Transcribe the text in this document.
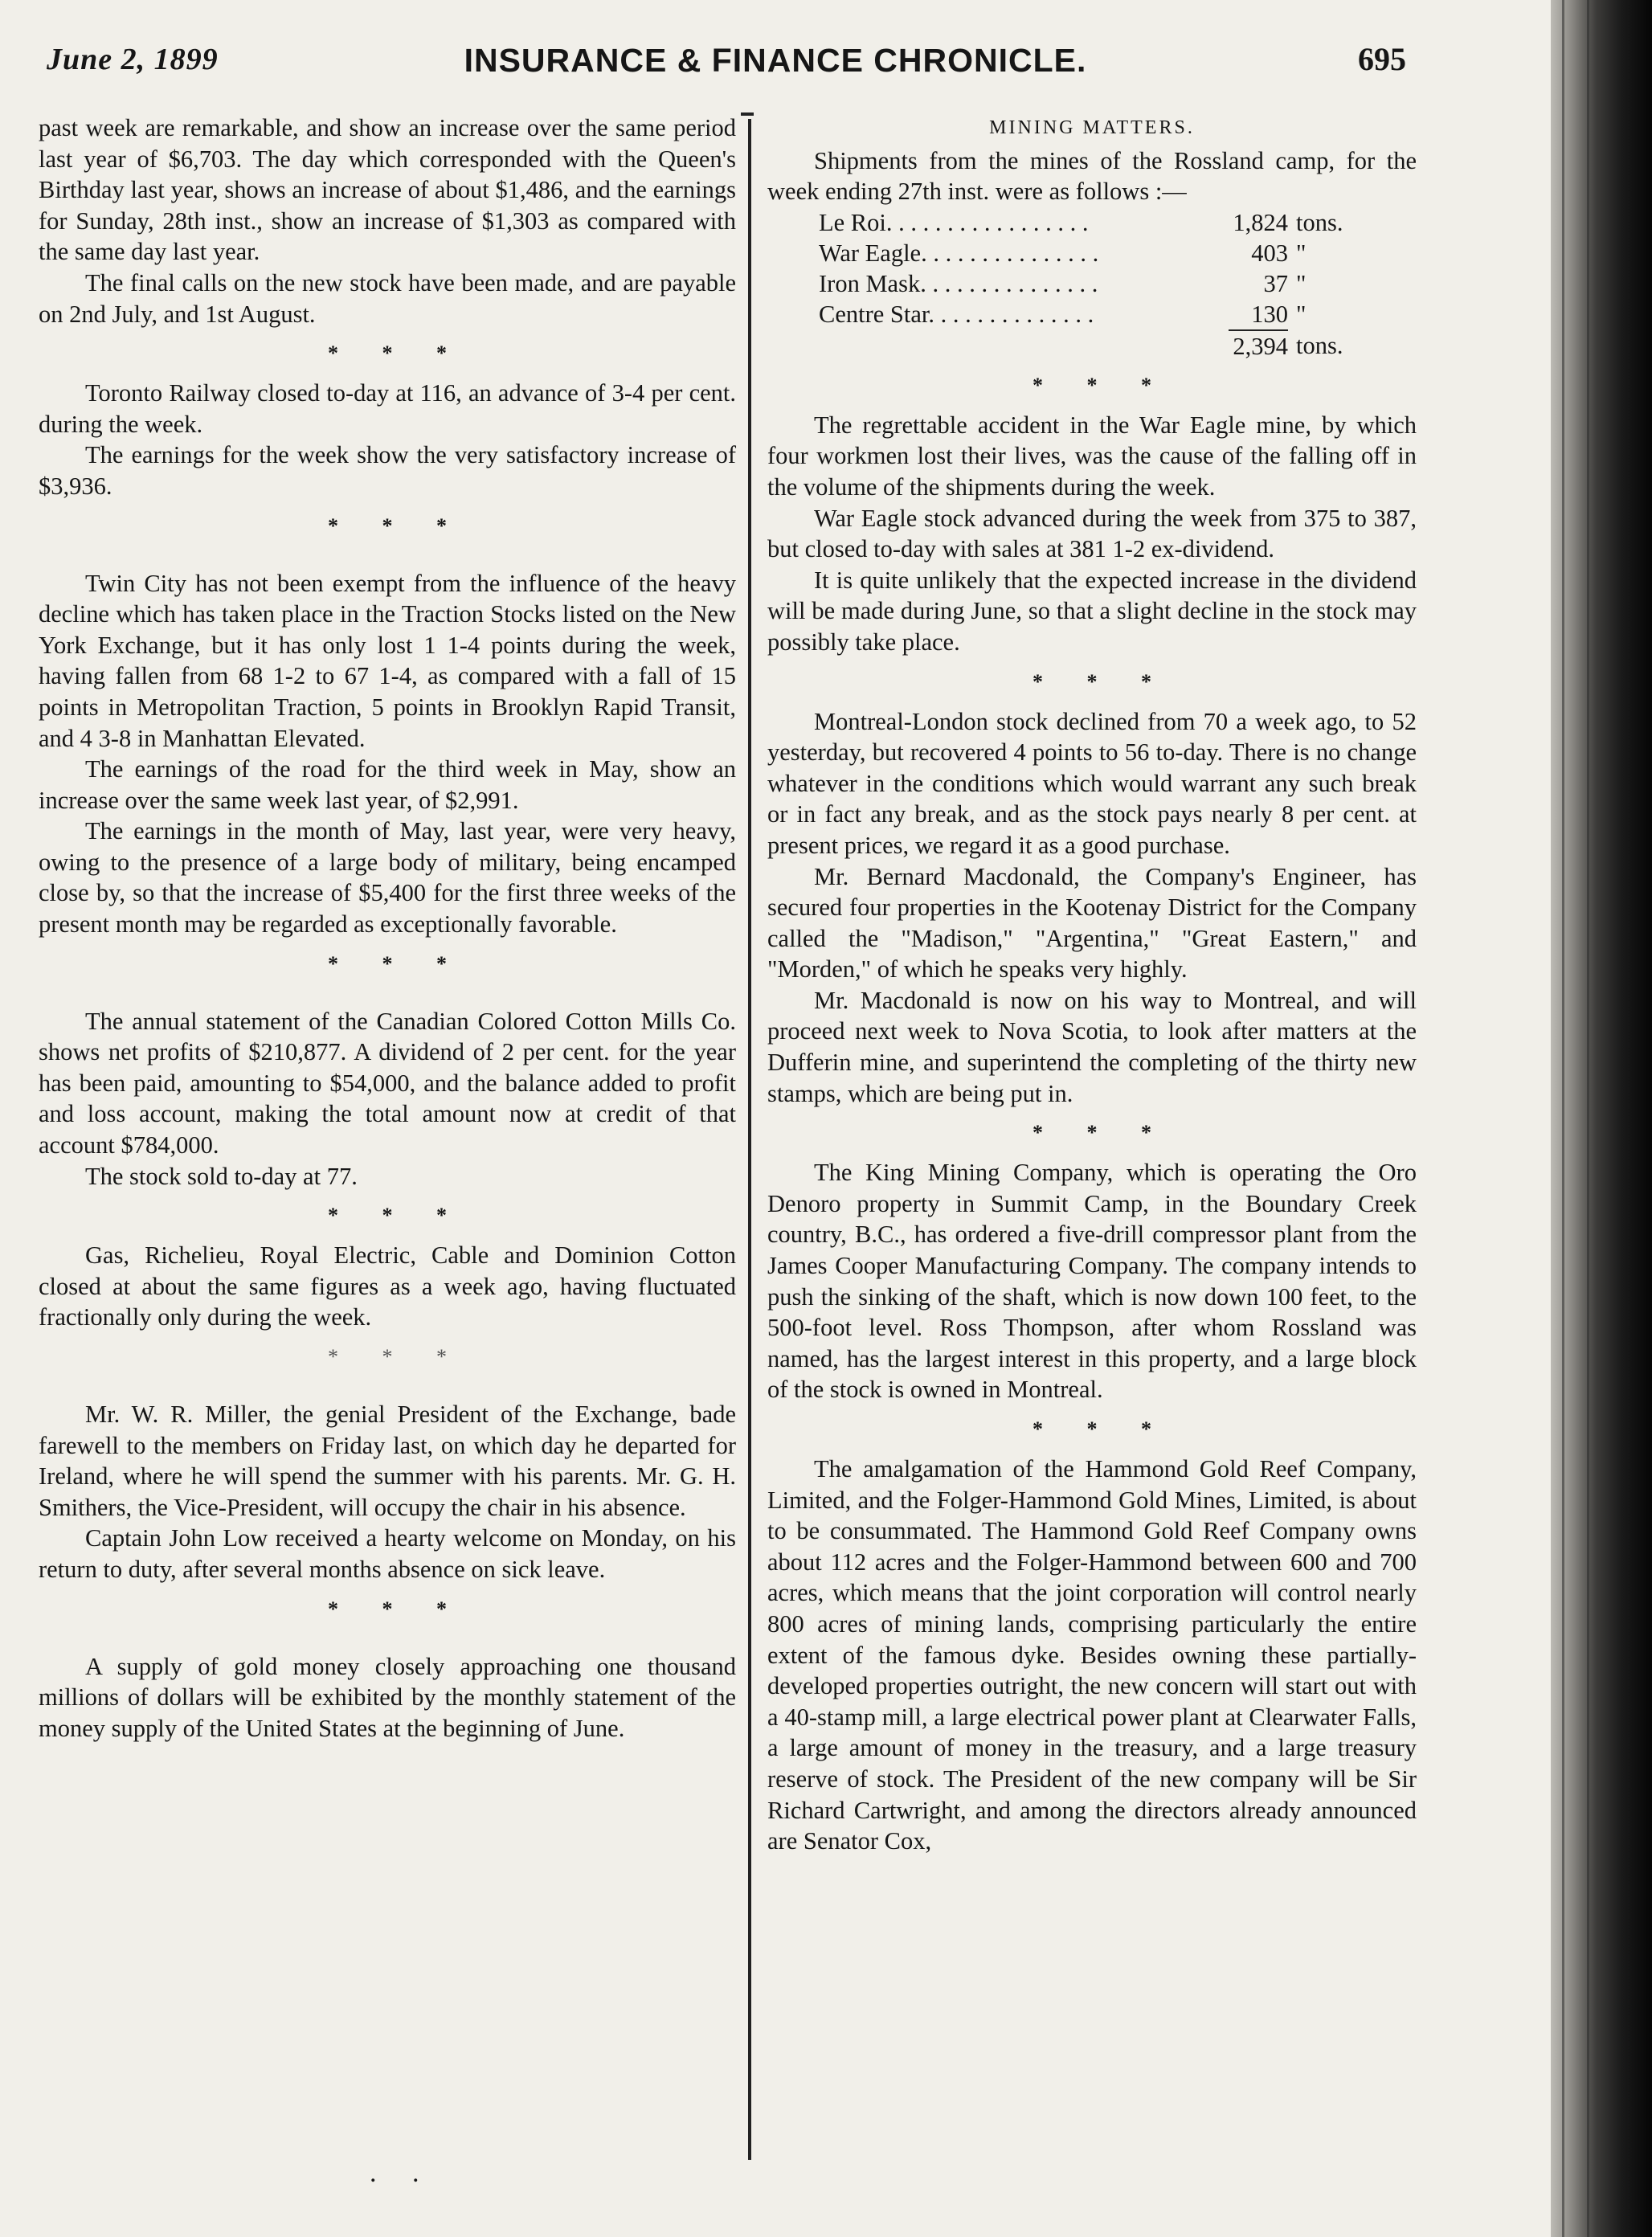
June 2, 1899	INSURANCE & FINANCE CHRONICLE.	695

past week are remarkable, and show an increase over the same period last year of $6,703. The day which corresponded with the Queen's Birthday last year, shows an increase of about $1,486, and the earnings for Sunday, 28th inst., show an increase of $1,303 as compared with the same day last year.

The final calls on the new stock have been made, and are payable on 2nd July, and 1st August.

* * *

Toronto Railway closed to-day at 116, an advance of 3-4 per cent. during the week.

The earnings for the week show the very satisfactory increase of $3,936.

* * *

Twin City has not been exempt from the influence of the heavy decline which has taken place in the Traction Stocks listed on the New York Exchange, but it has only lost 1 1-4 points during the week, having fallen from 68 1-2 to 67 1-4, as compared with a fall of 15 points in Metropolitan Traction, 5 points in Brooklyn Rapid Transit, and 4 3-8 in Manhattan Elevated.

The earnings of the road for the third week in May, show an increase over the same week last year, of $2,991.

The earnings in the month of May, last year, were very heavy, owing to the presence of a large body of military, being encamped close by, so that the increase of $5,400 for the first three weeks of the present month may be regarded as exceptionally favorable.

* * *

The annual statement of the Canadian Colored Cotton Mills Co. shows net profits of $210,877. A dividend of 2 per cent. for the year has been paid, amounting to $54,000, and the balance added to profit and loss account, making the total amount now at credit of that account $784,000.

The stock sold to-day at 77.

* * *

Gas, Richelieu, Royal Electric, Cable and Dominion Cotton closed at about the same figures as a week ago, having fluctuated fractionally only during the week.

* * *

Mr. W. R. Miller, the genial President of the Exchange, bade farewell to the members on Friday last, on which day he departed for Ireland, where he will spend the summer with his parents. Mr. G. H. Smithers, the Vice-President, will occupy the chair in his absence.

Captain John Low received a hearty welcome on Monday, on his return to duty, after several months absence on sick leave.

* * *

A supply of gold money closely approaching one thousand millions of dollars will be exhibited by the monthly statement of the money supply of the United States at the beginning of June.

MINING MATTERS.

Shipments from the mines of the Rossland camp, for the week ending 27th inst. were as follows :—

Le Roi. . . . . . . . . . . . . . . . .	1,824	tons.
War Eagle. . . . . . . . . . . . . . .	403	"
Iron Mask. . . . . . . . . . . . . . .	37	"
Centre Star. . . . . . . . . . . . . .	130	"
	2,394	tons.
* * *

The regrettable accident in the War Eagle mine, by which four workmen lost their lives, was the cause of the falling off in the volume of the shipments during the week.

War Eagle stock advanced during the week from 375 to 387, but closed to-day with sales at 381 1-2 ex-dividend.

It is quite unlikely that the expected increase in the dividend will be made during June, so that a slight decline in the stock may possibly take place.

* * *

Montreal-London stock declined from 70 a week ago, to 52 yesterday, but recovered 4 points to 56 to-day. There is no change whatever in the conditions which would warrant any such break or in fact any break, and as the stock pays nearly 8 per cent. at present prices, we regard it as a good purchase.

Mr. Bernard Macdonald, the Company's Engineer, has secured four properties in the Kootenay District for the Company called the "Madison," "Argentina," "Great Eastern," and "Morden," of which he speaks very highly.

Mr. Macdonald is now on his way to Montreal, and will proceed next week to Nova Scotia, to look after matters at the Dufferin mine, and superintend the completing of the thirty new stamps, which are being put in.

* * *

The King Mining Company, which is operating the Oro Denoro property in Summit Camp, in the Boundary Creek country, B.C., has ordered a five-drill compressor plant from the James Cooper Manufacturing Company. The company intends to push the sinking of the shaft, which is now down 100 feet, to the 500-foot level. Ross Thompson, after whom Rossland was named, has the largest interest in this property, and a large block of the stock is owned in Montreal.

* * *

The amalgamation of the Hammond Gold Reef Company, Limited, and the Folger-Hammond Gold Mines, Limited, is about to be consummated. The Hammond Gold Reef Company owns about 112 acres and the Folger-Hammond between 600 and 700 acres, which means that the joint corporation will control nearly 800 acres of mining lands, comprising particularly the entire extent of the famous dyke. Besides owning these partially-developed properties outright, the new concern will start out with a 40-stamp mill, a large electrical power plant at Clearwater Falls, a large amount of money in the treasury, and a large treasury reserve of stock. The President of the new company will be Sir Richard Cartwright, and among the directors already announced are Senator Cox,

. .
